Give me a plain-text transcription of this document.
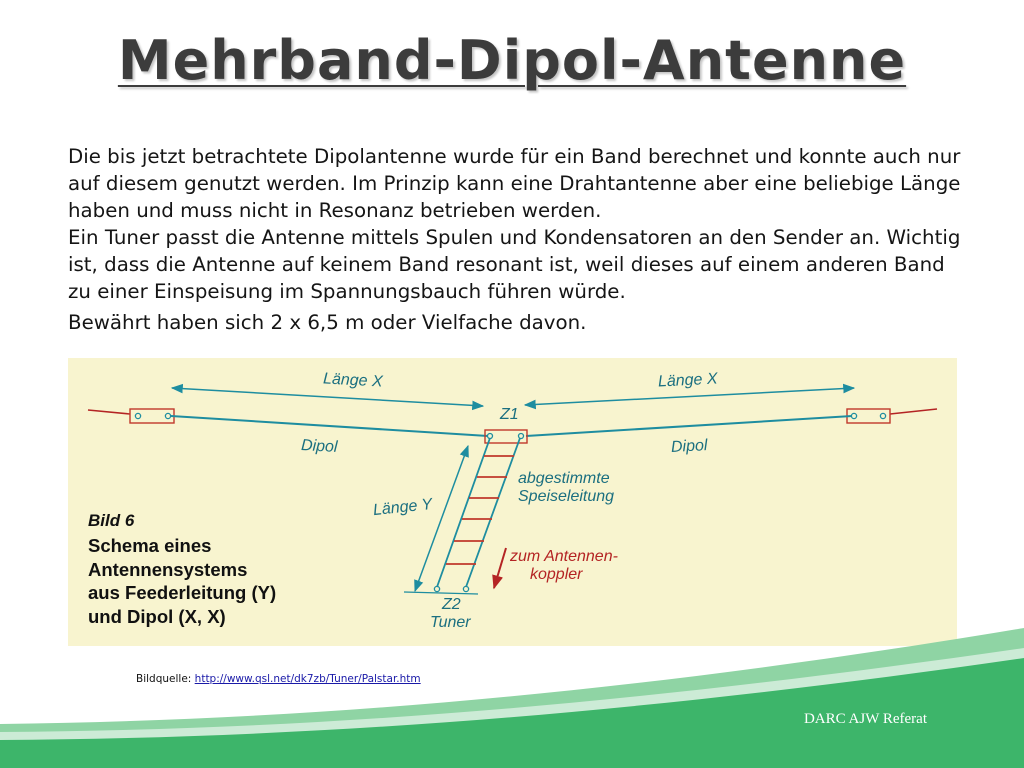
Mehrband-Dipol-Antenne

Die bis jetzt betrachtete Dipolantenne wurde für ein Band berechnet und konnte auch nur auf diesem genutzt werden. Im Prinzip kann eine Drahtantenne aber eine beliebige Länge haben und muss nicht in Resonanz betrieben werden.

Ein Tuner passt die Antenne mittels Spulen und Kondensatoren an den Sender an. Wichtig ist, dass die Antenne auf keinem Band resonant ist, weil dieses auf einem anderen Band zu einer Einspeisung im Spannungsbauch führen würde.

Bewährt haben sich 2 x 6,5 m oder Vielfache davon.

Länge X	Länge X
Z1
Dipol	Dipol
Länge Y
abgestimmte
Speiseleitung
zum Antennen-
koppler
Z2
Tuner
Bild 6
Schema eines
Antennensystems
aus Feederleitung (Y)
und Dipol (X, X)
Bildquelle: http://www.qsl.net/dk7zb/Tuner/Palstar.htm
DARC AJW Referat
